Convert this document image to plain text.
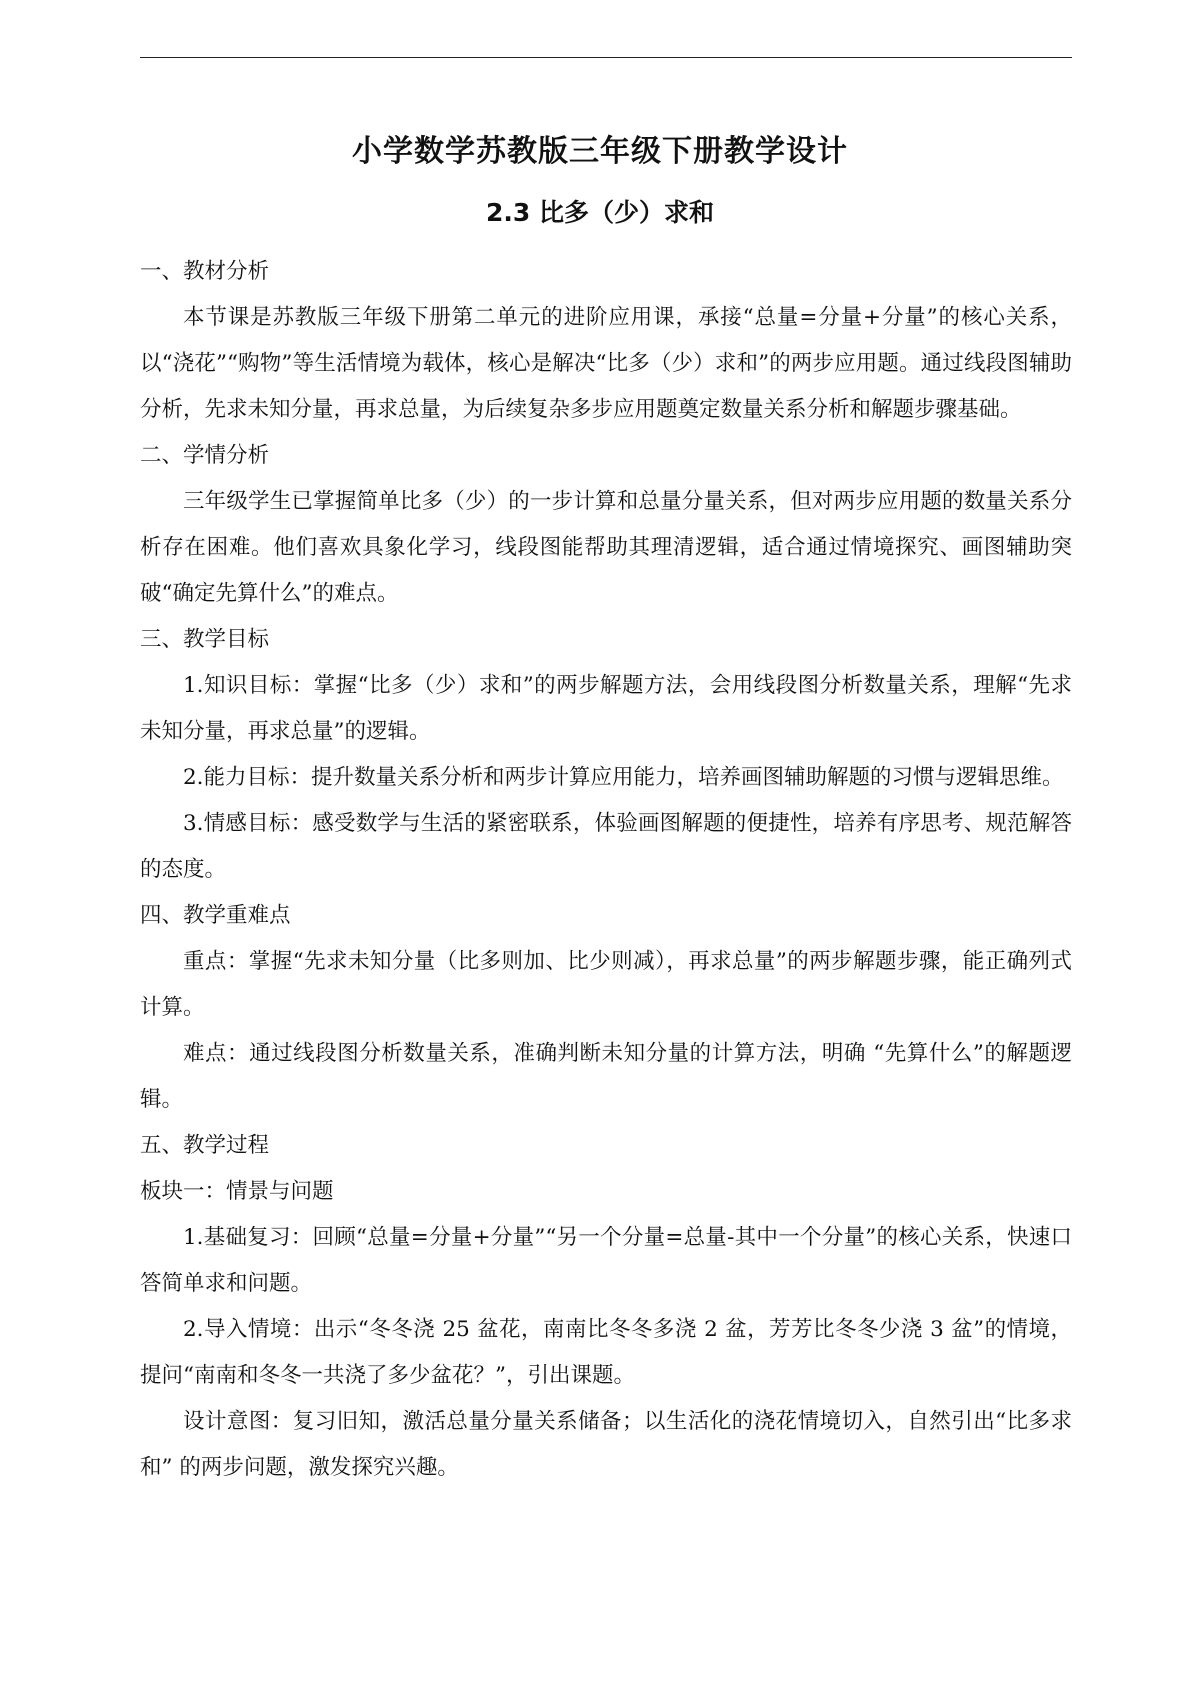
小学数学苏教版三年级下册教学设计
2.3 比多（少）求和

一、教材分析

本节课是苏教版三年级下册第二单元的进阶应用课，承接“总量=分量+分量”的核心关系，以“浇花”“购物”等生活情境为载体，核心是解决“比多（少）求和”的两步应用题。通过线段图辅助分析，先求未知分量，再求总量，为后续复杂多步应用题奠定数量关系分析和解题步骤基础。

二、学情分析

三年级学生已掌握简单比多（少）的一步计算和总量分量关系，但对两步应用题的数量关系分析存在困难。他们喜欢具象化学习，线段图能帮助其理清逻辑，适合通过情境探究、画图辅助突破“确定先算什么”的难点。

三、教学目标

1.知识目标：掌握“比多（少）求和”的两步解题方法，会用线段图分析数量关系，理解“先求未知分量，再求总量”的逻辑。

2.能力目标：提升数量关系分析和两步计算应用能力，培养画图辅助解题的习惯与逻辑思维。

3.情感目标：感受数学与生活的紧密联系，体验画图解题的便捷性，培养有序思考、规范解答的态度。

四、教学重难点

重点：掌握“先求未知分量（比多则加、比少则减），再求总量”的两步解题步骤，能正确列式计算。

难点：通过线段图分析数量关系，准确判断未知分量的计算方法，明确 “先算什么”的解题逻辑。

五、教学过程

板块一：情景与问题

1.基础复习：回顾“总量=分量+分量”“另一个分量=总量-其中一个分量”的核心关系，快速口答简单求和问题。

2.导入情境：出示“冬冬浇 25 盆花，南南比冬冬多浇 2 盆，芳芳比冬冬少浇 3 盆”的情境，提问“南南和冬冬一共浇了多少盆花？”，引出课题。

设计意图：复习旧知，激活总量分量关系储备；以生活化的浇花情境切入，自然引出“比多求和” 的两步问题，激发探究兴趣。
